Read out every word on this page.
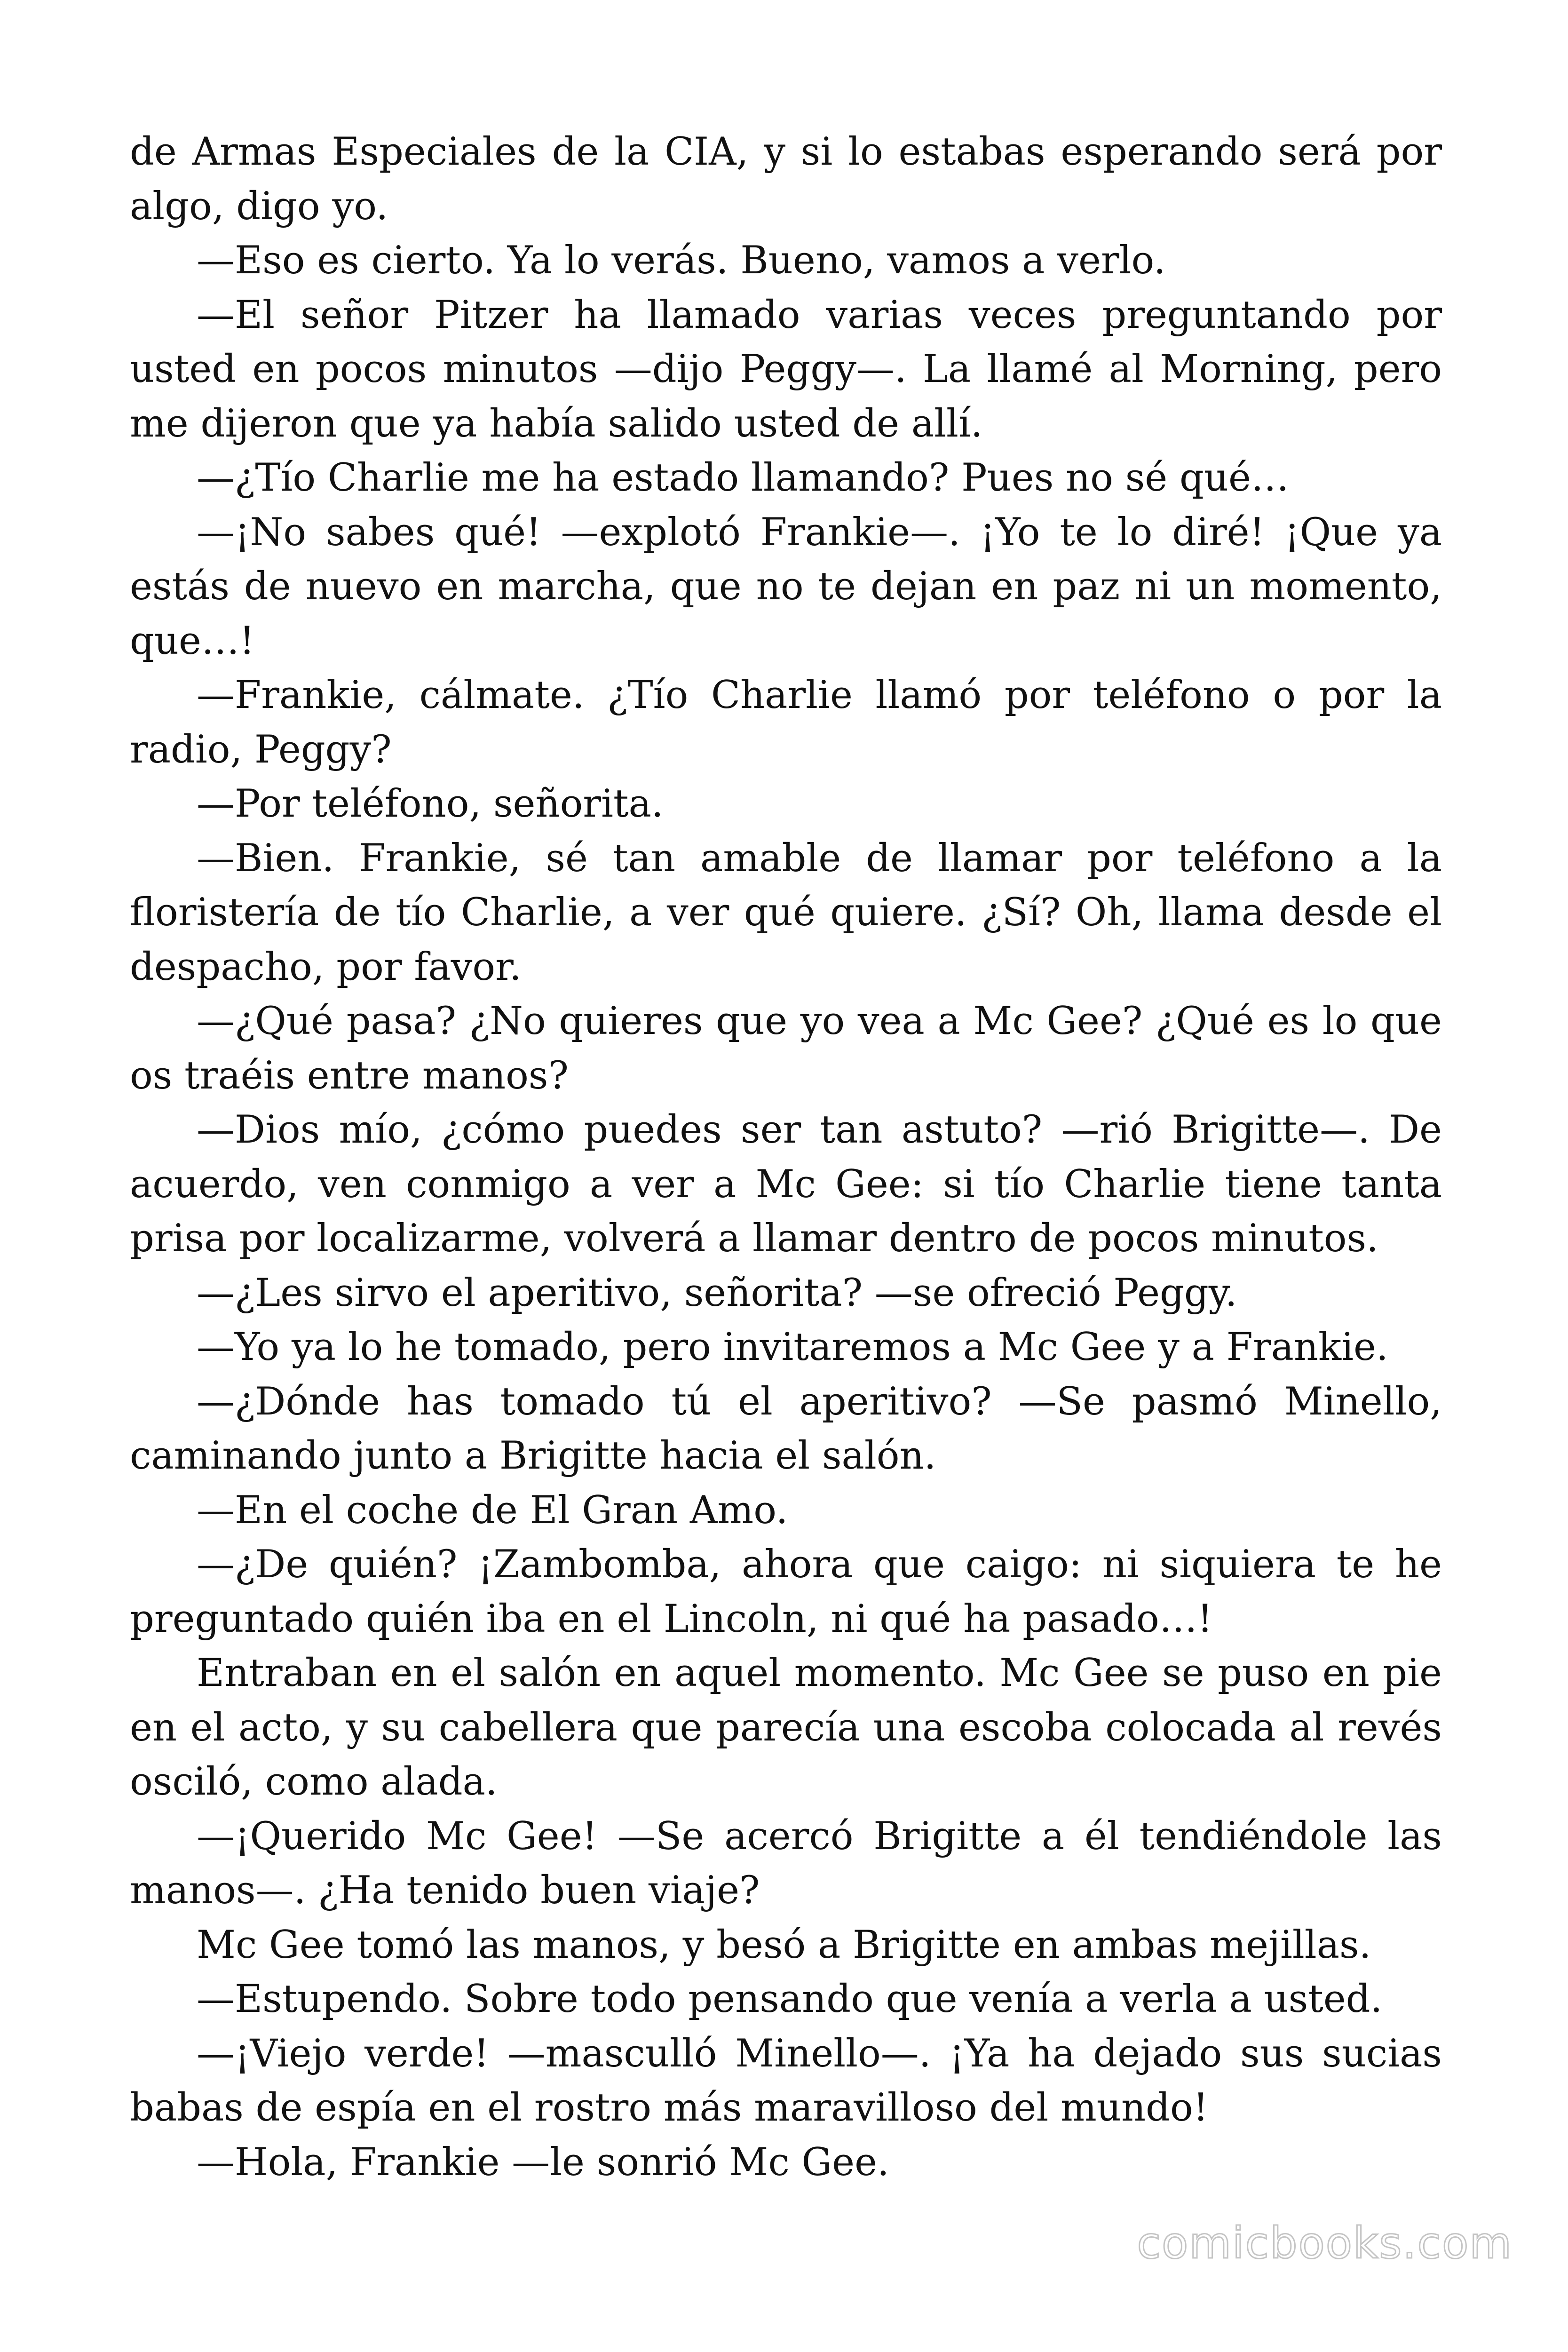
de Armas Especiales de la CIA, y si lo estabas esperando será por algo, digo yo.

—Eso es cierto. Ya lo verás. Bueno, vamos a verlo.

—El señor Pitzer ha llamado varias veces preguntando por usted en pocos minutos —dijo Peggy—. La llamé al Morning, pero me dijeron que ya había salido usted de allí.

—¿Tío Charlie me ha estado llamando? Pues no sé qué…

—¡No sabes qué! —explotó Frankie—. ¡Yo te lo diré! ¡Que ya estás de nuevo en marcha, que no te dejan en paz ni un momento, que…!

—Frankie, cálmate. ¿Tío Charlie llamó por teléfono o por la radio, Peggy?

—Por teléfono, señorita.

—Bien. Frankie, sé tan amable de llamar por teléfono a la floristería de tío Charlie, a ver qué quiere. ¿Sí? Oh, llama desde el despacho, por favor.

—¿Qué pasa? ¿No quieres que yo vea a Mc Gee? ¿Qué es lo que os traéis entre manos?

—Dios mío, ¿cómo puedes ser tan astuto? —rió Brigitte—. De acuerdo, ven conmigo a ver a Mc Gee: si tío Charlie tiene tanta prisa por localizarme, volverá a llamar dentro de pocos minutos.

—¿Les sirvo el aperitivo, señorita? —se ofreció Peggy.

—Yo ya lo he tomado, pero invitaremos a Mc Gee y a Frankie.

—¿Dónde has tomado tú el aperitivo? —Se pasmó Minello, caminando junto a Brigitte hacia el salón.

—En el coche de El Gran Amo.

—¿De quién? ¡Zambomba, ahora que caigo: ni siquiera te he preguntado quién iba en el Lincoln, ni qué ha pasado…!

Entraban en el salón en aquel momento. Mc Gee se puso en pie en el acto, y su cabellera que parecía una escoba colocada al revés osciló, como alada.

—¡Querido Mc Gee! —Se acercó Brigitte a él tendiéndole las manos—. ¿Ha tenido buen viaje?

Mc Gee tomó las manos, y besó a Brigitte en ambas mejillas.

—Estupendo. Sobre todo pensando que venía a verla a usted.

—¡Viejo verde! —masculló Minello—. ¡Ya ha dejado sus sucias babas de espía en el rostro más maravilloso del mundo!

—Hola, Frankie —le sonrió Mc Gee.

comicbooks.com
